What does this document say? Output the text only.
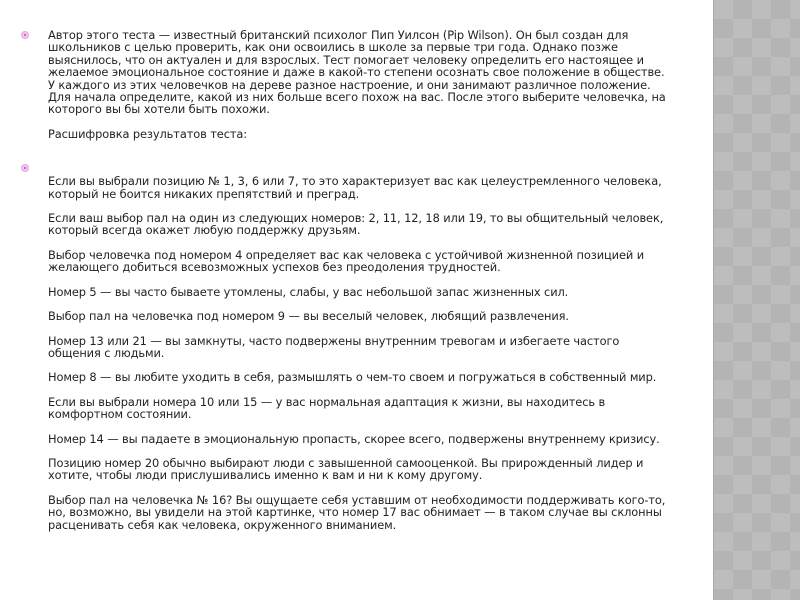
Автор этого теста — известный британский психолог Пип Уилсон (Pip Wilson). Он был создан для
школьников с целью проверить, как они освоились в школе за первые три года. Однако позже
выяснилось, что он актуален и для взрослых. Тест помогает человеку определить его настоящее и
желаемое эмоциональное состояние и даже в какой-то степени осознать свое положение в обществе.
У каждого из этих человечков на дереве разное настроение, и они занимают различное положение.
Для начала определите, какой из них больше всего похож на вас. После этого выберите человечка, на
которого вы бы хотели быть похожи.

Расшифровка результатов теста:

Если вы выбрали позицию № 1, 3, 6 или 7, то это характеризует вас как целеустремленного человека,
который не боится никаких препятствий и преград.

Если ваш выбор пал на один из следующих номеров: 2, 11, 12, 18 или 19, то вы общительный человек,
который всегда окажет любую поддержку друзьям.

Выбор человечка под номером 4 определяет вас как человека с устойчивой жизненной позицией и
желающего добиться всевозможных успехов без преодоления трудностей.

Номер 5 — вы часто бываете утомлены, слабы, у вас небольшой запас жизненных сил.

Выбор пал на человечка под номером 9 — вы веселый человек, любящий развлечения.

Номер 13 или 21 — вы замкнуты, часто подвержены внутренним тревогам и избегаете частого
общения с людьми.

Номер 8 — вы любите уходить в себя, размышлять о чем-то своем и погружаться в собственный мир.

Если вы выбрали номера 10 или 15 — у вас нормальная адаптация к жизни, вы находитесь в
комфортном состоянии.

Номер 14 — вы падаете в эмоциональную пропасть, скорее всего, подвержены внутреннему кризису.

Позицию номер 20 обычно выбирают люди с завышенной самооценкой. Вы прирожденный лидер и
хотите, чтобы люди прислушивались именно к вам и ни к кому другому.

Выбор пал на человечка № 16? Вы ощущаете себя уставшим от необходимости поддерживать кого-то,
но, возможно, вы увидели на этой картинке, что номер 17 вас обнимает — в таком случае вы склонны
расценивать себя как человека, окруженного вниманием.
